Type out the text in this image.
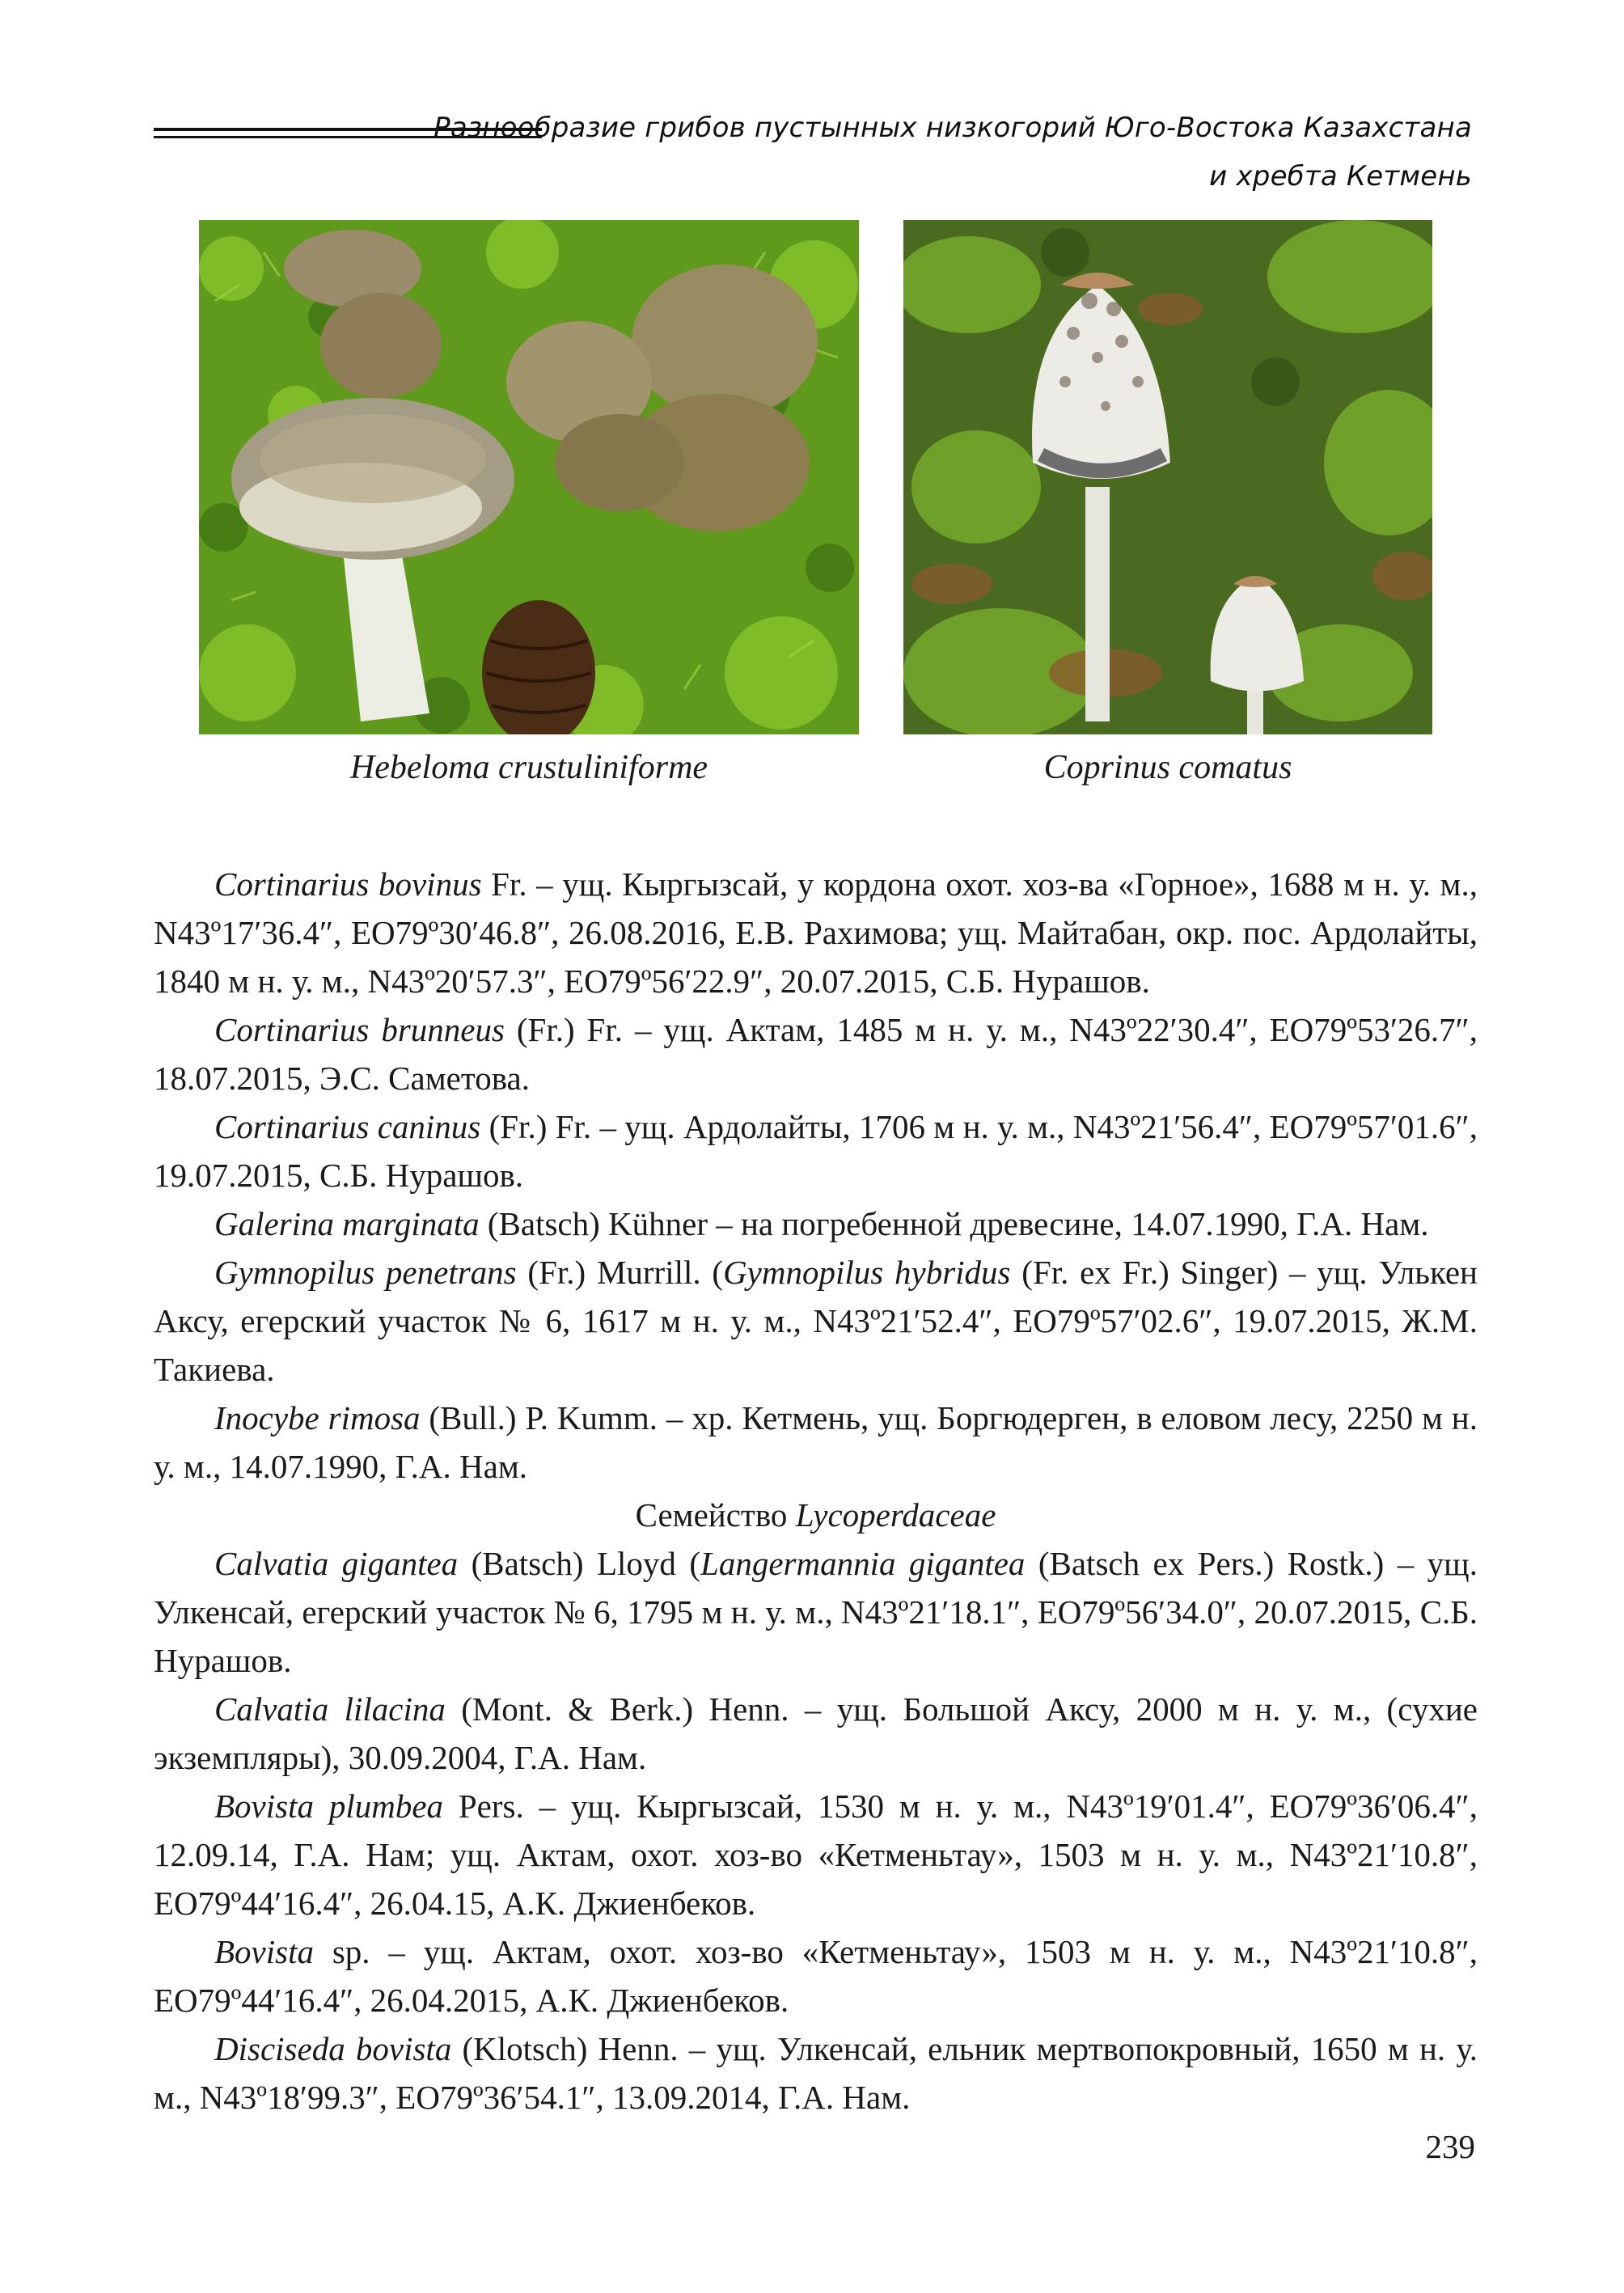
Разнообразие грибов пустынных низкогорий Юго-Востока Казахстана
и хребта Кетмень
Hebeloma crustuliniforme	Coprinus comatus

Cortinarius bovinus Fr. – ущ. Кыргызсай, у кордона охот. хоз-ва «Горное», 1688 м н. у. м., N43º17′36.4″, EO79º30′46.8″, 26.08.2016, Е.В. Рахимова; ущ. Майтабан, окр. пос. Ардолайты, 1840 м н. у. м., N43º20′57.3″, EO79º56′22.9″, 20.07.2015, С.Б. Нурашов.

Cortinarius brunneus (Fr.) Fr. – ущ. Актам, 1485 м н. у. м., N43º22′30.4″, EO79º53′26.7″, 18.07.2015, Э.С. Саметова.

Cortinarius caninus (Fr.) Fr. – ущ. Ардолайты, 1706 м н. у. м., N43º21′56.4″, EO79º57′01.6″, 19.07.2015, С.Б. Нурашов.

Galerina marginata (Batsch) Kühner – на погребенной древесине, 14.07.1990, Г.А. Нам.

Gymnopilus penetrans (Fr.) Murrill. (Gymnopilus hybridus (Fr. ex Fr.) Singer) – ущ. Улькен Аксу, егерский участок № 6, 1617 м н. у. м., N43º21′52.4″, EO79º57′02.6″, 19.07.2015, Ж.М. Такиева.

Inocybe rimosa (Bull.) P. Kumm. – хр. Кетмень, ущ. Боргюдерген, в еловом лесу, 2250 м н. у. м., 14.07.1990, Г.А. Нам.

Семейство Lycoperdaceae

Calvatia gigantea (Batsch) Lloyd (Langermannia gigantea (Batsch ex Pers.) Rostk.) – ущ. Улкенсай, егерский участок № 6, 1795 м н. у. м., N43º21′18.1″, EO79º56′34.0″, 20.07.2015, С.Б. Нурашов.

Calvatia lilacina (Mont. & Berk.) Henn. – ущ. Большой Аксу, 2000 м н. у. м., (сухие экземпляры), 30.09.2004, Г.А. Нам.

Bovista plumbea Pers. – ущ. Кыргызсай, 1530 м н. у. м., N43º19′01.4″, EO79º36′06.4″, 12.09.14, Г.А. Нам; ущ. Актам, охот. хоз-во «Кетменьтау», 1503 м н. у. м., N43º21′10.8″, EO79º44′16.4″, 26.04.15, А.К. Джиенбеков.

Bovista sp. – ущ. Актам, охот. хоз-во «Кетменьтау», 1503 м н. у. м., N43º21′10.8″, EO79º44′16.4″, 26.04.2015, А.К. Джиенбеков.

Disciseda bovista (Klotsch) Henn. – ущ. Улкенсай, ельник мертвопокровный, 1650 м н. у. м., N43º18′99.3″, EO79º36′54.1″, 13.09.2014, Г.А. Нам.

239
